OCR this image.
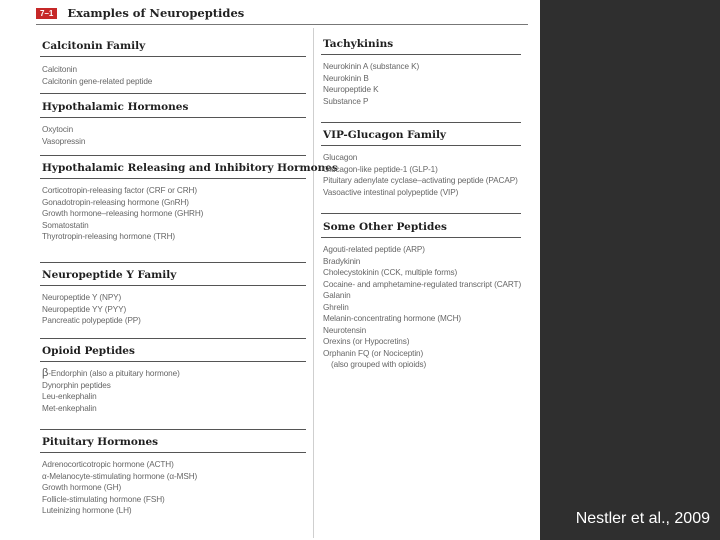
7–1	Examples of Neuropeptides
Calcitonin Family
Calcitonin
Calcitonin gene-related peptide
Hypothalamic Hormones
Oxytocin
Vasopressin
Hypothalamic Releasing and Inhibitory Hormones
Corticotropin-releasing factor (CRF or CRH)
Gonadotropin-releasing hormone (GnRH)
Growth hormone–releasing hormone (GHRH)
Somatostatin
Thyrotropin-releasing hormone (TRH)
Neuropeptide Y Family
Neuropeptide Y (NPY)
Neuropeptide YY (PYY)
Pancreatic polypeptide (PP)
Opioid Peptides
β-Endorphin (also a pituitary hormone)
Dynorphin peptides
Leu-enkephalin
Met-enkephalin
Pituitary Hormones
Adrenocorticotropic hormone (ACTH)
α-Melanocyte-stimulating hormone (α-MSH)
Growth hormone (GH)
Follicle-stimulating hormone (FSH)
Luteinizing hormone (LH)
Tachykinins
Neurokinin A (substance K)
Neurokinin B
Neuropeptide K
Substance P
VIP-Glucagon Family
Glucagon
Glucagon-like peptide-1 (GLP-1)
Pituitary adenylate cyclase–activating peptide (PACAP)
Vasoactive intestinal polypeptide (VIP)
Some Other Peptides
Agouti-related peptide (ARP)
Bradykinin
Cholecystokinin (CCK, multiple forms)
Cocaine- and amphetamine-regulated transcript (CART)
Galanin
Ghrelin
Melanin-concentrating hormone (MCH)
Neurotensin
Orexins (or Hypocretins)
Orphanin FQ (or Nociceptin)
(also grouped with opioids)
Nestler et al., 2009
